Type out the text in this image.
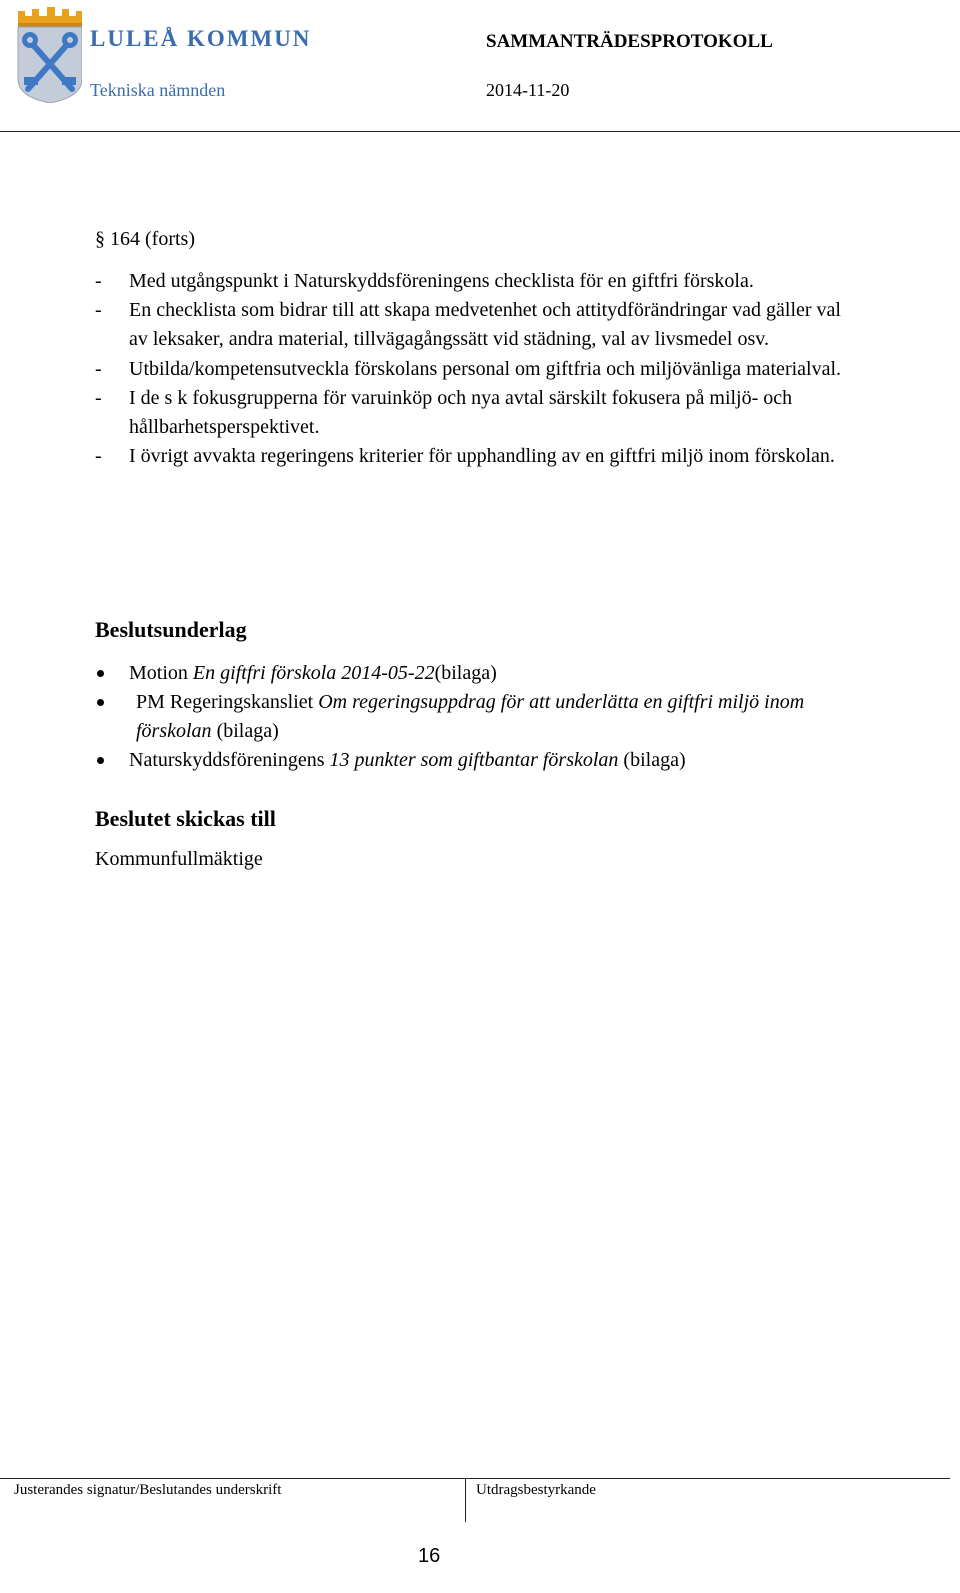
LULEÅ KOMMUN
Tekniska nämnden
SAMMANTRÄDESPROTOKOLL
2014-11-20
§ 164 (forts)
- Med utgångspunkt i Naturskyddsföreningens checklista för en giftfri förskola.
- En checklista som bidrar till att skapa medvetenhet och attitydförändringar vad gäller val av leksaker, andra material, tillvägagångssätt vid städning, val av livsmedel osv.
- Utbilda/kompetensutveckla förskolans personal om giftfria och miljövänliga materialval.
- I de s k fokusgrupperna för varuinköp och nya avtal särskilt fokusera på miljö- och hållbarhetsperspektivet.
- I övrigt avvakta regeringens kriterier för upphandling av en giftfri miljö inom förskolan.
Beslutsunderlag
Motion En giftfri förskola 2014-05-22(bilaga)
PM Regeringskansliet Om regeringsuppdrag för att underlätta en giftfri miljö inom förskolan (bilaga)
Naturskyddsföreningens 13 punkter som giftbantar förskolan (bilaga)
Beslutet skickas till
Kommunfullmäktige
Justerandes signatur/Beslutandes underskrift	Utdragsbestyrkande
16
